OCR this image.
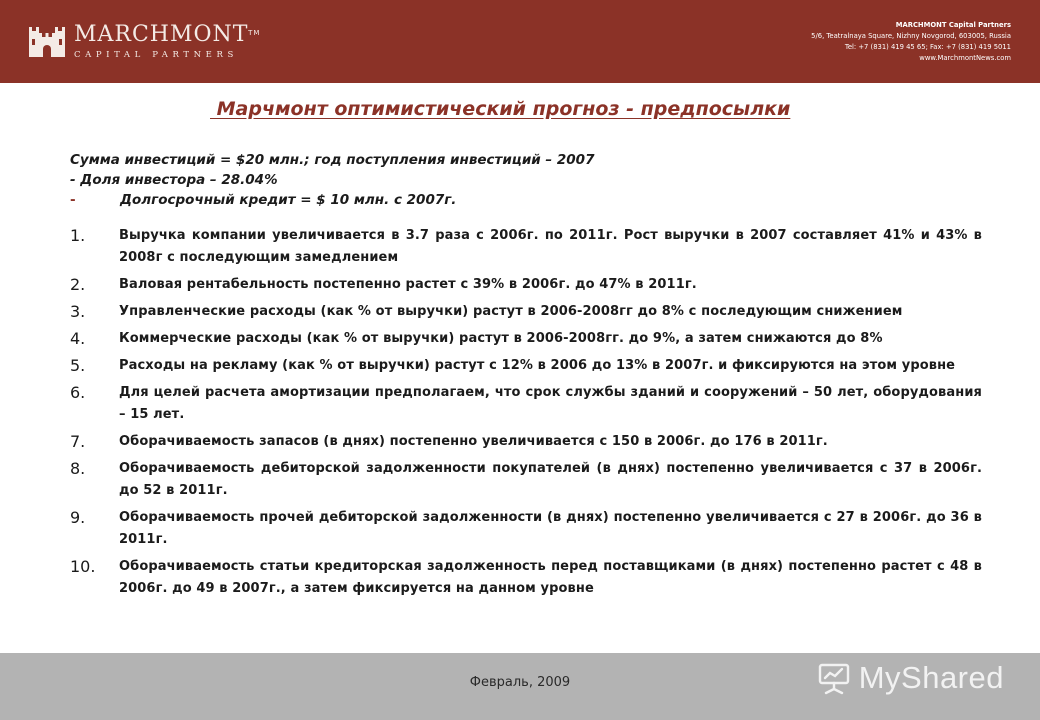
MARCHMONT TM
CAPITAL PARTNERS
MARCHMONT Capital Partners
5/6, Teatralnaya Square, Nizhny Novgorod, 603005, Russia
Tel: +7 (831) 419 45 65; Fax: +7 (831) 419 5011
www.MarchmontNews.com
Марчмонт оптимистический прогноз - предпосылки
Сумма инвестиций = $20 млн.; год поступления инвестиций – 2007
- Доля инвестора – 28.04%
-	Долгосрочный кредит = $ 10 млн. с 2007г.
1.	Выручка компании увеличивается в 3.7 раза с 2006г. по 2011г. Рост выручки в 2007 составляет 41% и 43% в 2008г с последующим замедлением
2.	Валовая рентабельность постепенно растет с 39% в 2006г. до 47% в 2011г.
3.	Управленческие расходы (как % от выручки) растут в 2006-2008гг до 8% с последующим снижением
4.	Коммерческие расходы (как % от выручки) растут в 2006-2008гг. до 9%, а затем снижаются до 8%
5.	Расходы на рекламу (как % от выручки) растут с 12% в 2006 до 13% в 2007г. и фиксируются на этом уровне
6.	Для целей расчета амортизации предполагаем, что срок службы зданий и сооружений – 50 лет, оборудования – 15 лет.
7.	Оборачиваемость запасов (в днях) постепенно увеличивается с 150 в 2006г. до 176 в 2011г.
8.	Оборачиваемость дебиторской задолженности покупателей (в днях) постепенно увеличивается с 37 в 2006г. до 52 в 2011г.
9.	Оборачиваемость прочей дебиторской задолженности (в днях) постепенно увеличивается с 27 в 2006г. до 36 в 2011г.
10.	Оборачиваемость статьи кредиторская задолженность перед поставщиками (в днях) постепенно растет с 48 в 2006г. до 49 в 2007г., а затем фиксируется на данном уровне
Февраль, 2009	MyShared
